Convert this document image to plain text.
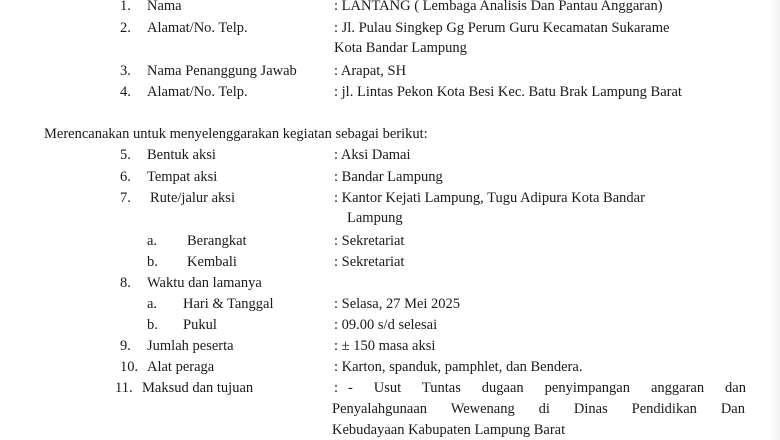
1. Nama	: LANTANG ( Lembaga Analisis Dan Pantau Anggaran)
2. Alamat/No. Telp.	: Jl. Pulau Singkep Gg Perum Guru Kecamatan Sukarame
Kota Bandar Lampung
3. Nama Penanggung Jawab	: Arapat, SH
4. Alamat/No. Telp.	: jl. Lintas Pekon Kota Besi Kec. Batu Brak Lampung Barat
Merencanakan untuk menyelenggarakan kegiatan sebagai berikut:
5. Bentuk aksi	: Aksi Damai
6. Tempat aksi	: Bandar Lampung
7. Rute/jalur aksi	: Kantor Kejati Lampung, Tugu Adipura Kota Bandar
Lampung
a. Berangkat	: Sekretariat
b. Kembali	: Sekretariat
8. Waktu dan lamanya
a. Hari & Tanggal	: Selasa, 27 Mei 2025
b. Pukul	: 09.00 s/d selesai
9. Jumlah peserta	: ± 150 masa aksi
10. Alat peraga	: Karton, spanduk, pamphlet, dan Bendera.
11. Maksud dan tujuan	: - Usut Tuntas dugaan penyimpangan anggaran dan
Penyalahgunaan Wewenang di Dinas Pendidikan Dan
Kebudayaan Kabupaten Lampung Barat
